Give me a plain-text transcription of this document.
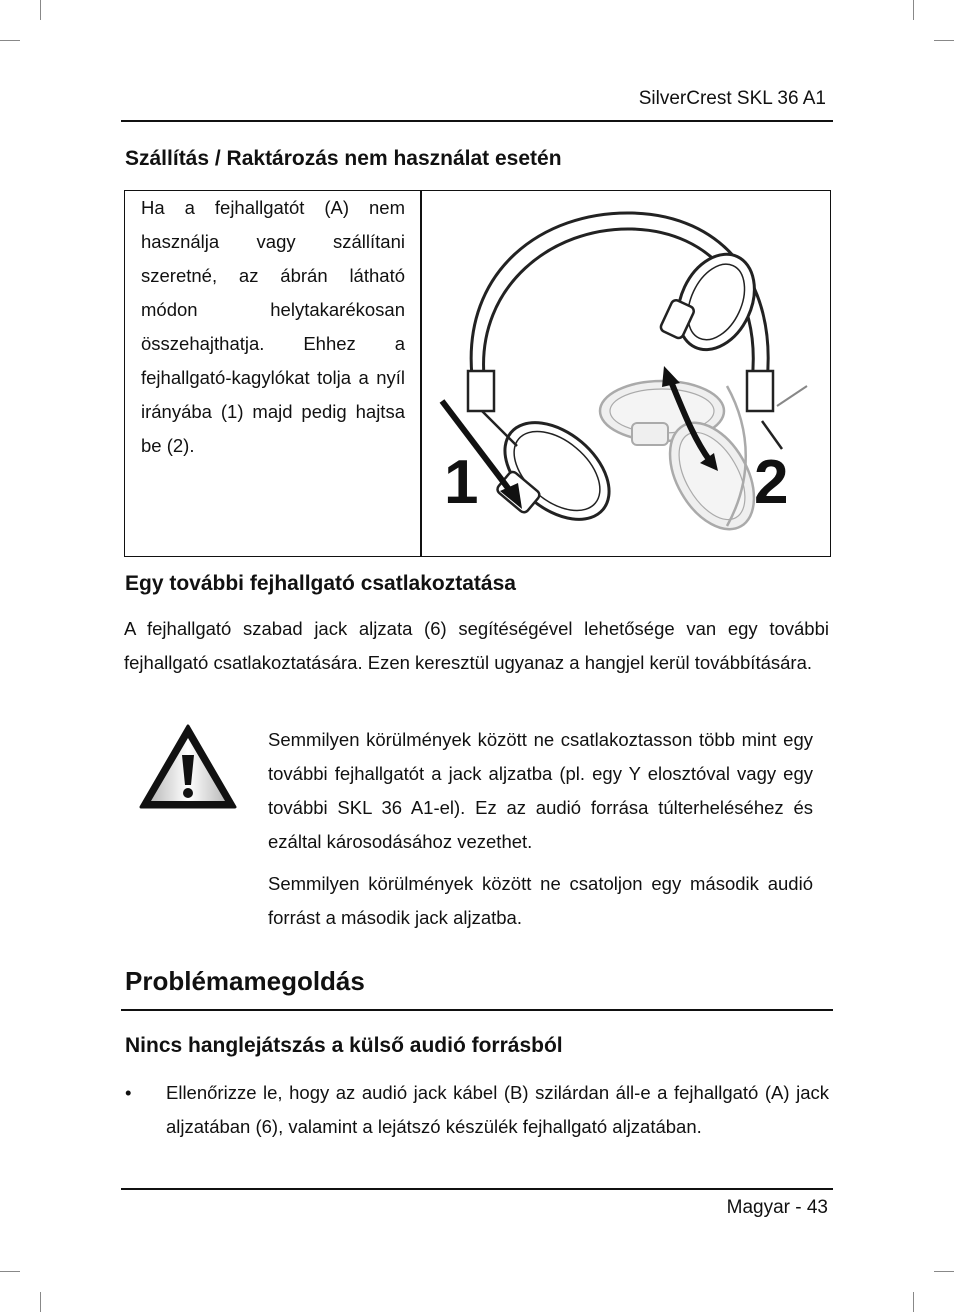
SilverCrest SKL 36 A1
Szállítás / Raktározás nem használat esetén
Ha a fejhallgatót (A) nem használja vagy szállítani szeretné, az ábrán látható módon helytakarékosan összehajthatja. Ehhez a fejhallgató-kagylókat tolja a nyíl irányába (1) majd pedig hajtsa be (2).
1	2
Egy további fejhallgató csatlakoztatása
A fejhallgató szabad jack aljzata (6) segítéségével lehetősége van egy további fejhallgató csatlakoztatására. Ezen keresztül ugyanaz a hangjel kerül továbbítására.
Semmilyen körülmények között ne csatlakoztasson több mint egy további fejhallgatót a jack aljzatba (pl. egy Y elosztóval vagy egy további SKL 36 A1-el). Ez az audió forrása túlterheléséhez és ezáltal károsodásához vezethet.
Semmilyen körülmények között ne csatoljon egy második audió forrást a második jack aljzatba.
Problémamegoldás
Nincs hanglejátszás a külső audió forrásból
• Ellenőrizze le, hogy az audió jack kábel (B) szilárdan áll-e a fejhallgató (A) jack aljzatában (6), valamint a lejátszó készülék fejhallgató aljzatában.
Magyar - 43
